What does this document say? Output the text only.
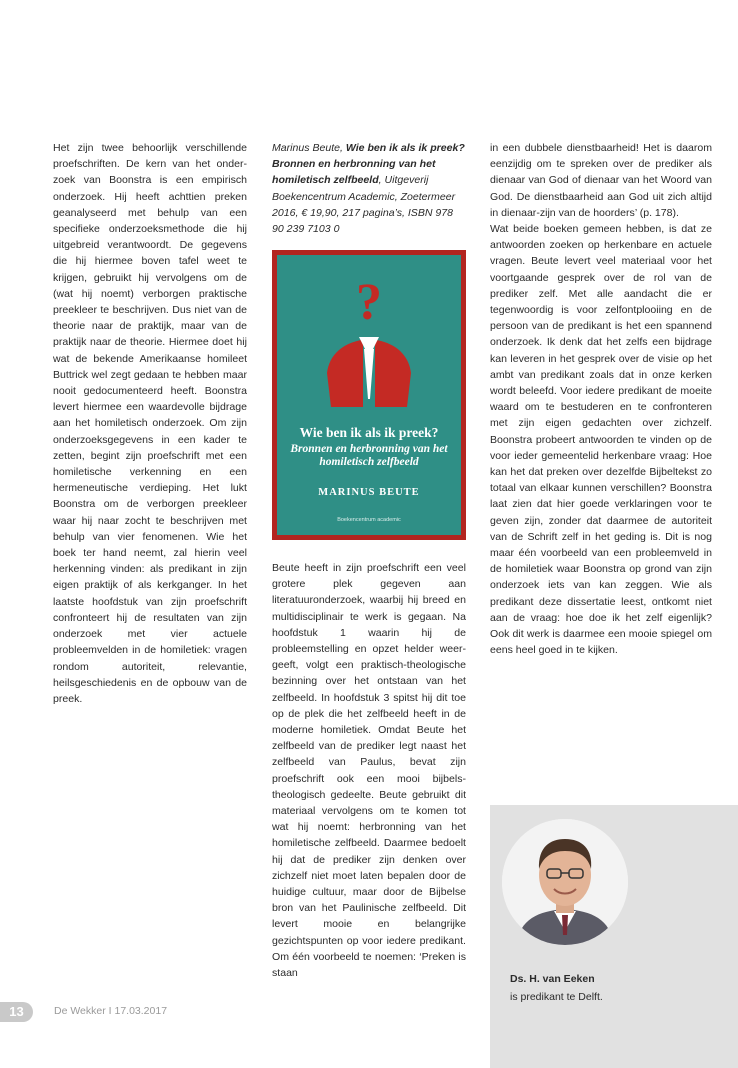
Het zijn twee behoorlijk verschillende proefschriften. De kern van het onder-zoek van Boonstra is een empirisch onderzoek. Hij heeft achttien preken geanalyseerd met behulp van een specifieke onderzoeksmethode die hij uitgebreid verantwoordt. De gegevens die hij hiermee boven tafel weet te krijgen, gebruikt hij vervolgens om de (wat hij noemt) verborgen praktische preekleer te beschrijven. Dus niet van de theorie naar de praktijk, maar van de praktijk naar de theorie. Hiermee doet hij wat de bekende Amerikaanse homileet Buttrick wel zegt gedaan te hebben maar nooit gedocumenteerd heeft. Boonstra levert hiermee een waardevolle bijdrage aan het homiletisch onderzoek. Om zijn onderzoeksgegevens in een kader te zetten, begint zijn proefschrift met een homiletische verkenning en een hermeneutische verdieping. Het lukt Boonstra om de verborgen preekleer waar hij naar zocht te beschrijven met behulp van vier fenomenen. Wie het boek ter hand neemt, zal hierin veel herkenning vinden: als predikant in zijn eigen praktijk of als kerkganger. In het laatste hoofdstuk van zijn proefschrift confronteert hij de resultaten van zijn onderzoek met vier actuele probleemvelden in de homiletiek: vragen rondom autoriteit, relevantie, heilsgeschiedenis en de opbouw van de preek.

Marinus Beute, Wie ben ik als ik preek? Bronnen en herbronning van het homiletisch zelfbeeld, Uitgeverij Boekencentrum Academic, Zoetermeer 2016, € 19,90, 217 pagina’s, ISBN 978 90 239 7103 0

?
Wie ben ik als ik preek?
Bronnen en herbronning van het homiletisch zelfbeeld
MARINUS BEUTE
Boekencentrum academic

Beute heeft in zijn proefschrift een veel grotere plek gegeven aan literatuuronderzoek, waarbij hij breed en multidisciplinair te werk is gegaan. Na hoofdstuk 1 waarin hij de probleemstelling en opzet helder weer-geeft, volgt een praktisch-theologische bezinning over het ontstaan van het zelfbeeld. In hoofdstuk 3 spitst hij dit toe op de plek die het zelfbeeld heeft in de moderne homiletiek. Omdat Beute het zelfbeeld van de prediker legt naast het zelfbeeld van Paulus, bevat zijn proefschrift ook een mooi bijbels-theologisch gedeelte. Beute gebruikt dit materiaal vervolgens om te komen tot wat hij noemt: herbronning van het homiletische zelfbeeld. Daarmee bedoelt hij dat de prediker zijn denken over zichzelf niet moet laten bepalen door de huidige cultuur, maar door de Bijbelse bron van het Paulinische zelfbeeld. Dit levert mooie en belangrijke gezichtspunten op voor iedere predikant. Om één voorbeeld te noemen: ‘Preken is staan

in een dubbele dienstbaarheid! Het is daarom eenzijdig om te spreken over de prediker als dienaar van God of dienaar van het Woord van God. De dienstbaarheid aan God uit zich altijd in dienaar-zijn van de hoorders’ (p. 178).

Wat beide boeken gemeen hebben, is dat ze antwoorden zoeken op herkenbare en actuele vragen. Beute levert veel materiaal voor het voortgaande gesprek over de rol van de prediker zelf. Met alle aandacht die er tegenwoordig is voor zelfontplooiing en de persoon van de predikant is het een spannend onderzoek. Ik denk dat het zelfs een bijdrage kan leveren in het gesprek over de visie op het ambt van predikant zoals dat in onze kerken wordt beleefd. Voor iedere predikant de moeite waard om te bestuderen en te confronteren met zijn eigen gedachten over zichzelf. Boonstra probeert antwoorden te vinden op de voor ieder gemeentelid herkenbare vraag: Hoe kan het dat preken over dezelfde Bijbeltekst zo totaal van elkaar kunnen verschillen? Boonstra laat zien dat hier goede verklaringen voor te geven zijn, zonder dat daarmee de autoriteit van de Schrift zelf in het geding is. Dit is nog maar één voorbeeld van een probleemveld in de homiletiek waar Boonstra op grond van zijn onderzoek iets van kan zeggen. Wie als predikant deze dissertatie leest, ontkomt niet aan de vraag: hoe doe ik het zelf eigenlijk? Ook dit werk is daarmee een mooie spiegel om eens heel goed in te kijken.

Ds. H. van Eeken
is predikant te Delft.
13	De Wekker I 17.03.2017
